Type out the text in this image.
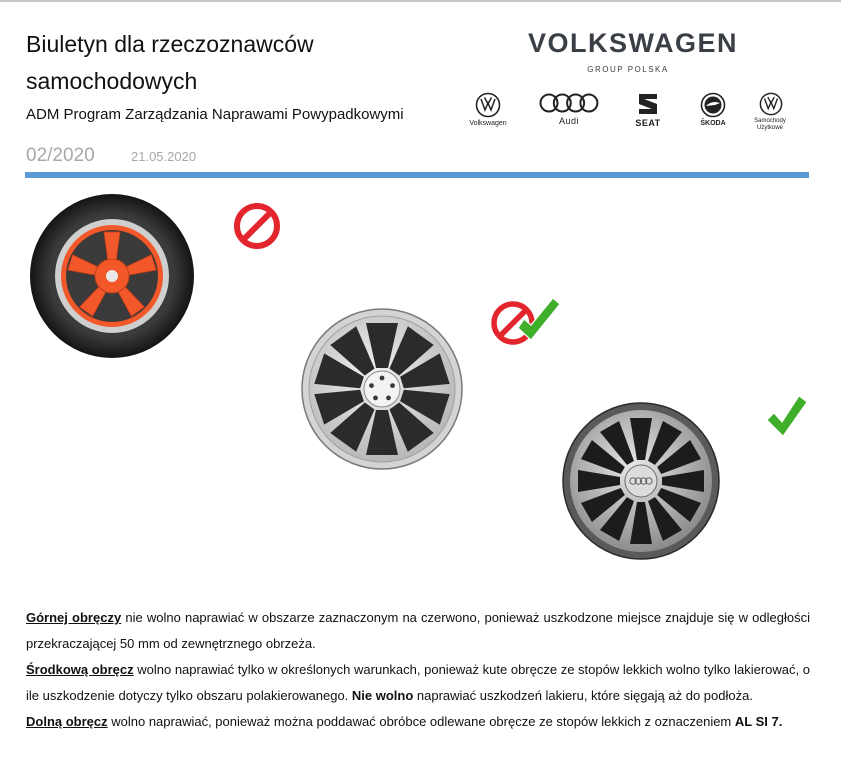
Biuletyn dla rzeczoznawców samochodowych
ADM Program Zarządzania Naprawami Powypadkowymi
02/2020	21.05.2020
VOLKSWAGEN
GROUP POLSKA
Volkswagen	Audi	SEAT	ŠKODA	Samochody Użytkowe

Górnej obręczy nie wolno naprawiać w obszarze zaznaczonym na czerwono, ponieważ uszkodzone miejsce znajduje się w odległości przekraczającej 50 mm od zewnętrznego obrzeża.

Środkową obręcz wolno naprawiać tylko w określonych warunkach, ponieważ kute obręcze ze stopów lekkich wolno tylko lakierować, o ile uszkodzenie dotyczy tylko obszaru polakierowanego. Nie wolno naprawiać uszkodzeń lakieru, które sięgają aż do podłoża.

Dolną obręcz wolno naprawiać, ponieważ można poddawać obróbce odlewane obręcze ze stopów lekkich z oznaczeniem AL SI 7.
